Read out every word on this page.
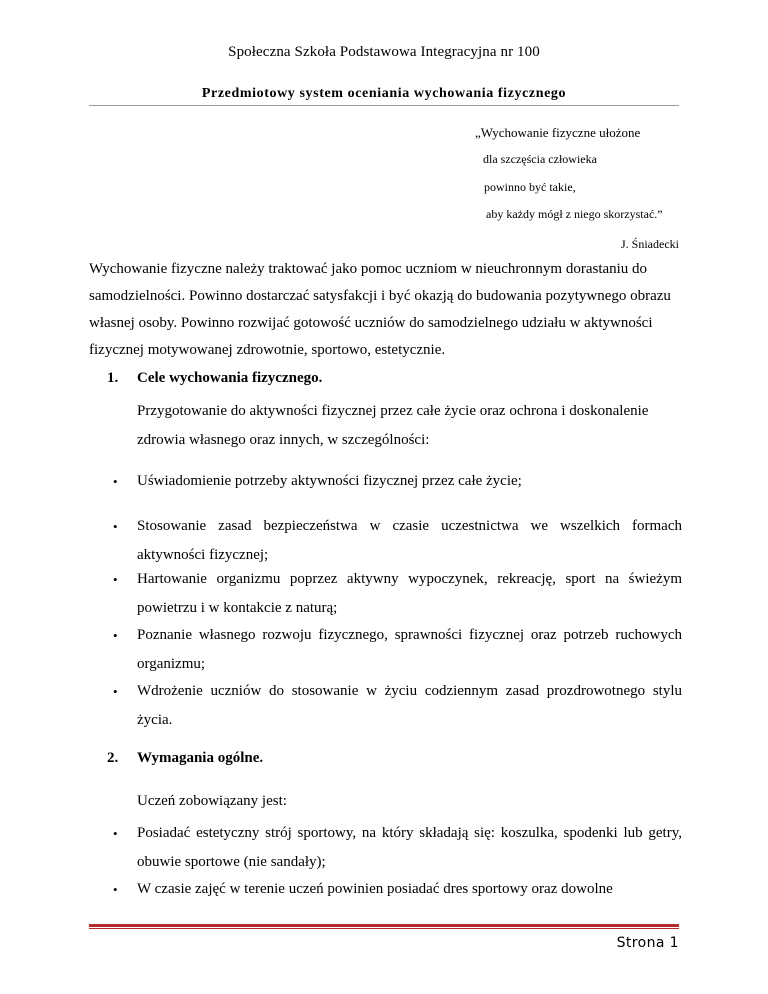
Społeczna Szkoła Podstawowa Integracyjna nr 100
Przedmiotowy system oceniania wychowania fizycznego
„Wychowanie fizyczne ułożone
dla szczęścia człowieka
powinno być takie,
aby każdy mógł z niego skorzystać.”
J. Śniadecki
Wychowanie fizyczne należy traktować jako pomoc uczniom w nieuchronnym dorastaniu do samodzielności. Powinno dostarczać satysfakcji i być okazją do budowania pozytywnego obrazu własnej osoby. Powinno rozwijać gotowość uczniów do samodzielnego udziału w aktywności fizycznej motywowanej zdrowotnie, sportowo, estetycznie.
1. Cele wychowania fizycznego.
Przygotowanie do aktywności fizycznej przez całe życie oraz ochrona i doskonalenie zdrowia własnego oraz innych, w szczególności:
• Uświadomienie potrzeby aktywności fizycznej przez całe życie;
• Stosowanie zasad bezpieczeństwa w czasie uczestnictwa we wszelkich formach aktywności fizycznej;
• Hartowanie organizmu poprzez aktywny wypoczynek, rekreację, sport na świeżym powietrzu i w kontakcie z naturą;
• Poznanie własnego rozwoju fizycznego, sprawności fizycznej oraz potrzeb ruchowych organizmu;
• Wdrożenie uczniów do stosowanie w życiu codziennym zasad prozdrowotnego stylu życia.
2. Wymagania ogólne.
Uczeń zobowiązany jest:
• Posiadać estetyczny strój sportowy, na który składają się: koszulka, spodenki lub getry, obuwie sportowe (nie sandały);
• W czasie zajęć w terenie uczeń powinien posiadać dres sportowy oraz dowolne
Strona 1
